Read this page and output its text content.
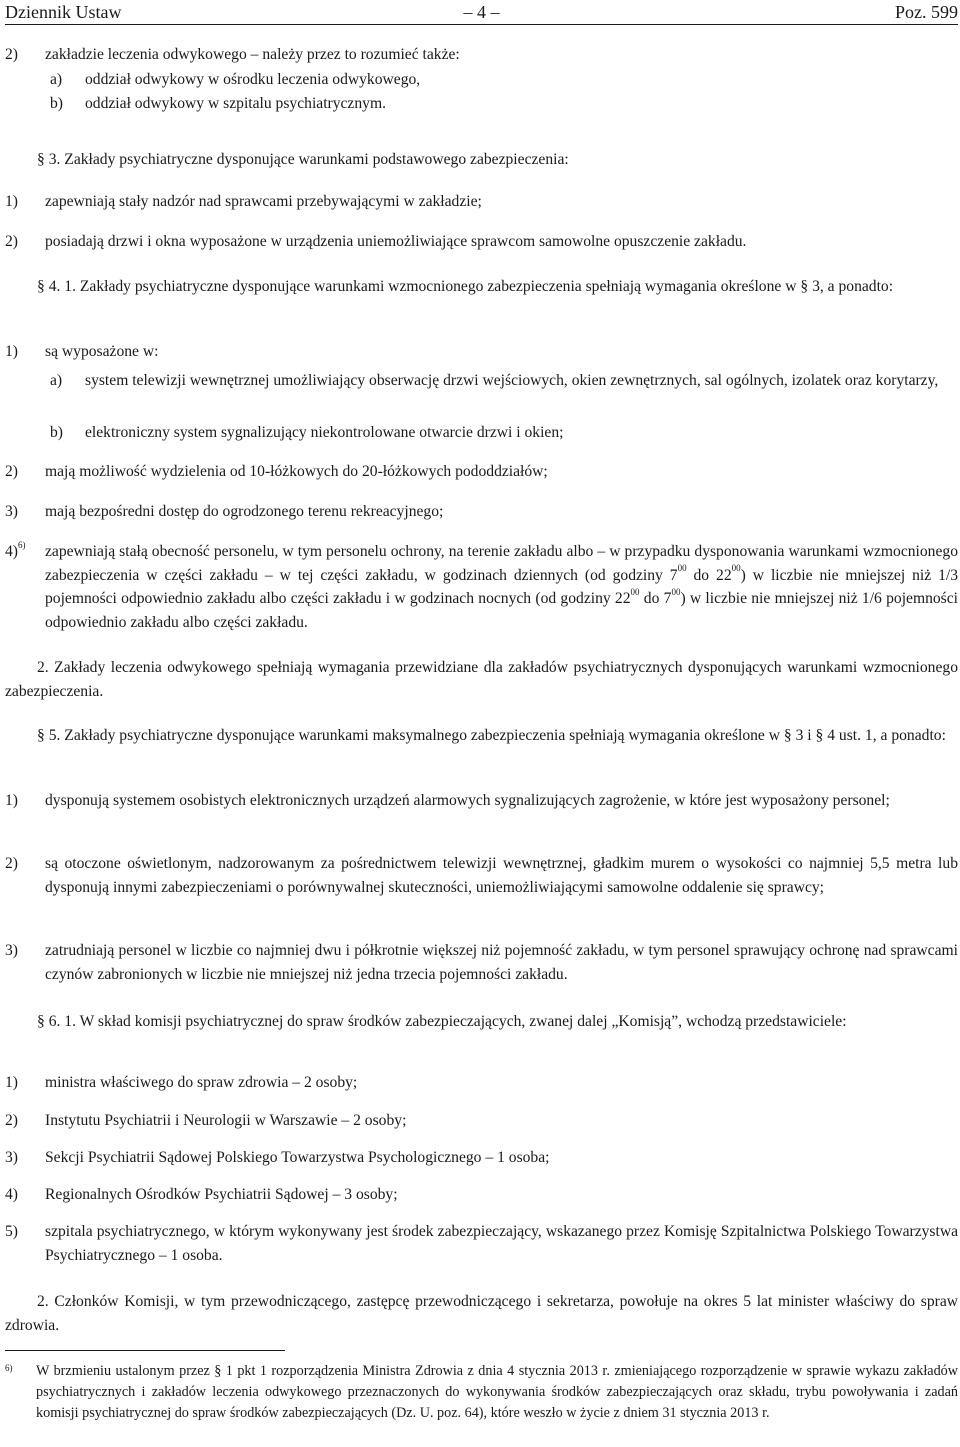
Dziennik Ustaw	– 4 –	Poz. 599
2) zakładzie leczenia odwykowego – należy przez to rozumieć także:
a) oddział odwykowy w ośrodku leczenia odwykowego,
b) oddział odwykowy w szpitalu psychiatrycznym.
§ 3. Zakłady psychiatryczne dysponujące warunkami podstawowego zabezpieczenia:
1) zapewniają stały nadzór nad sprawcami przebywającymi w zakładzie;
2) posiadają drzwi i okna wyposażone w urządzenia uniemożliwiające sprawcom samowolne opuszczenie zakładu.
§ 4. 1. Zakłady psychiatryczne dysponujące warunkami wzmocnionego zabezpieczenia spełniają wymagania określone w § 3, a ponadto:
1) są wyposażone w:
a) system telewizji wewnętrznej umożliwiający obserwację drzwi wejściowych, okien zewnętrznych, sal ogólnych, izolatek oraz korytarzy,
b) elektroniczny system sygnalizujący niekontrolowane otwarcie drzwi i okien;
2) mają możliwość wydzielenia od 10-łóżkowych do 20-łóżkowych pododdziałów;
3) mają bezpośredni dostęp do ogrodzonego terenu rekreacyjnego;
4)$^{6)}$ zapewniają stałą obecność personelu, w tym personelu ochrony, na terenie zakładu albo – w przypadku dysponowania warunkami wzmocnionego zabezpieczenia w części zakładu – w tej części zakładu, w godzinach dziennych (od godziny $7^{00}$ do $22^{00}$) w liczbie nie mniejszej niż 1/3 pojemności odpowiednio zakładu albo części zakładu i w godzinach nocnych (od godziny $22^{00}$ do $7^{00}$) w liczbie nie mniejszej niż 1/6 pojemności odpowiednio zakładu albo części zakładu.
2. Zakłady leczenia odwykowego spełniają wymagania przewidziane dla zakładów psychiatrycznych dysponujących warunkami wzmocnionego zabezpieczenia.
§ 5. Zakłady psychiatryczne dysponujące warunkami maksymalnego zabezpieczenia spełniają wymagania określone w § 3 i § 4 ust. 1, a ponadto:
1) dysponują systemem osobistych elektronicznych urządzeń alarmowych sygnalizujących zagrożenie, w które jest wyposażony personel;
2) są otoczone oświetlonym, nadzorowanym za pośrednictwem telewizji wewnętrznej, gładkim murem o wysokości co najmniej 5,5 metra lub dysponują innymi zabezpieczeniami o porównywalnej skuteczności, uniemożliwiającymi samowolne oddalenie się sprawcy;
3) zatrudniają personel w liczbie co najmniej dwu i półkrotnie większej niż pojemność zakładu, w tym personel sprawujący ochronę nad sprawcami czynów zabronionych w liczbie nie mniejszej niż jedna trzecia pojemności zakładu.
§ 6. 1. W skład komisji psychiatrycznej do spraw środków zabezpieczających, zwanej dalej „Komisją”, wchodzą przedstawiciele:
1) ministra właściwego do spraw zdrowia – 2 osoby;
2) Instytutu Psychiatrii i Neurologii w Warszawie – 2 osoby;
3) Sekcji Psychiatrii Sądowej Polskiego Towarzystwa Psychologicznego – 1 osoba;
4) Regionalnych Ośrodków Psychiatrii Sądowej – 3 osoby;
5) szpitala psychiatrycznego, w którym wykonywany jest środek zabezpieczający, wskazanego przez Komisję Szpitalnictwa Polskiego Towarzystwa Psychiatrycznego – 1 osoba.
2. Członków Komisji, w tym przewodniczącego, zastępcę przewodniczącego i sekretarza, powołuje na okres 5 lat minister właściwy do spraw zdrowia.
6) W brzmieniu ustalonym przez § 1 pkt 1 rozporządzenia Ministra Zdrowia z dnia 4 stycznia 2013 r. zmieniającego rozporządzenie w sprawie wykazu zakładów psychiatrycznych i zakładów leczenia odwykowego przeznaczonych do wykonywania środków zabezpieczających oraz składu, trybu powoływania i zadań komisji psychiatrycznej do spraw środków zabezpieczających (Dz. U. poz. 64), które weszło w życie z dniem 31 stycznia 2013 r.
